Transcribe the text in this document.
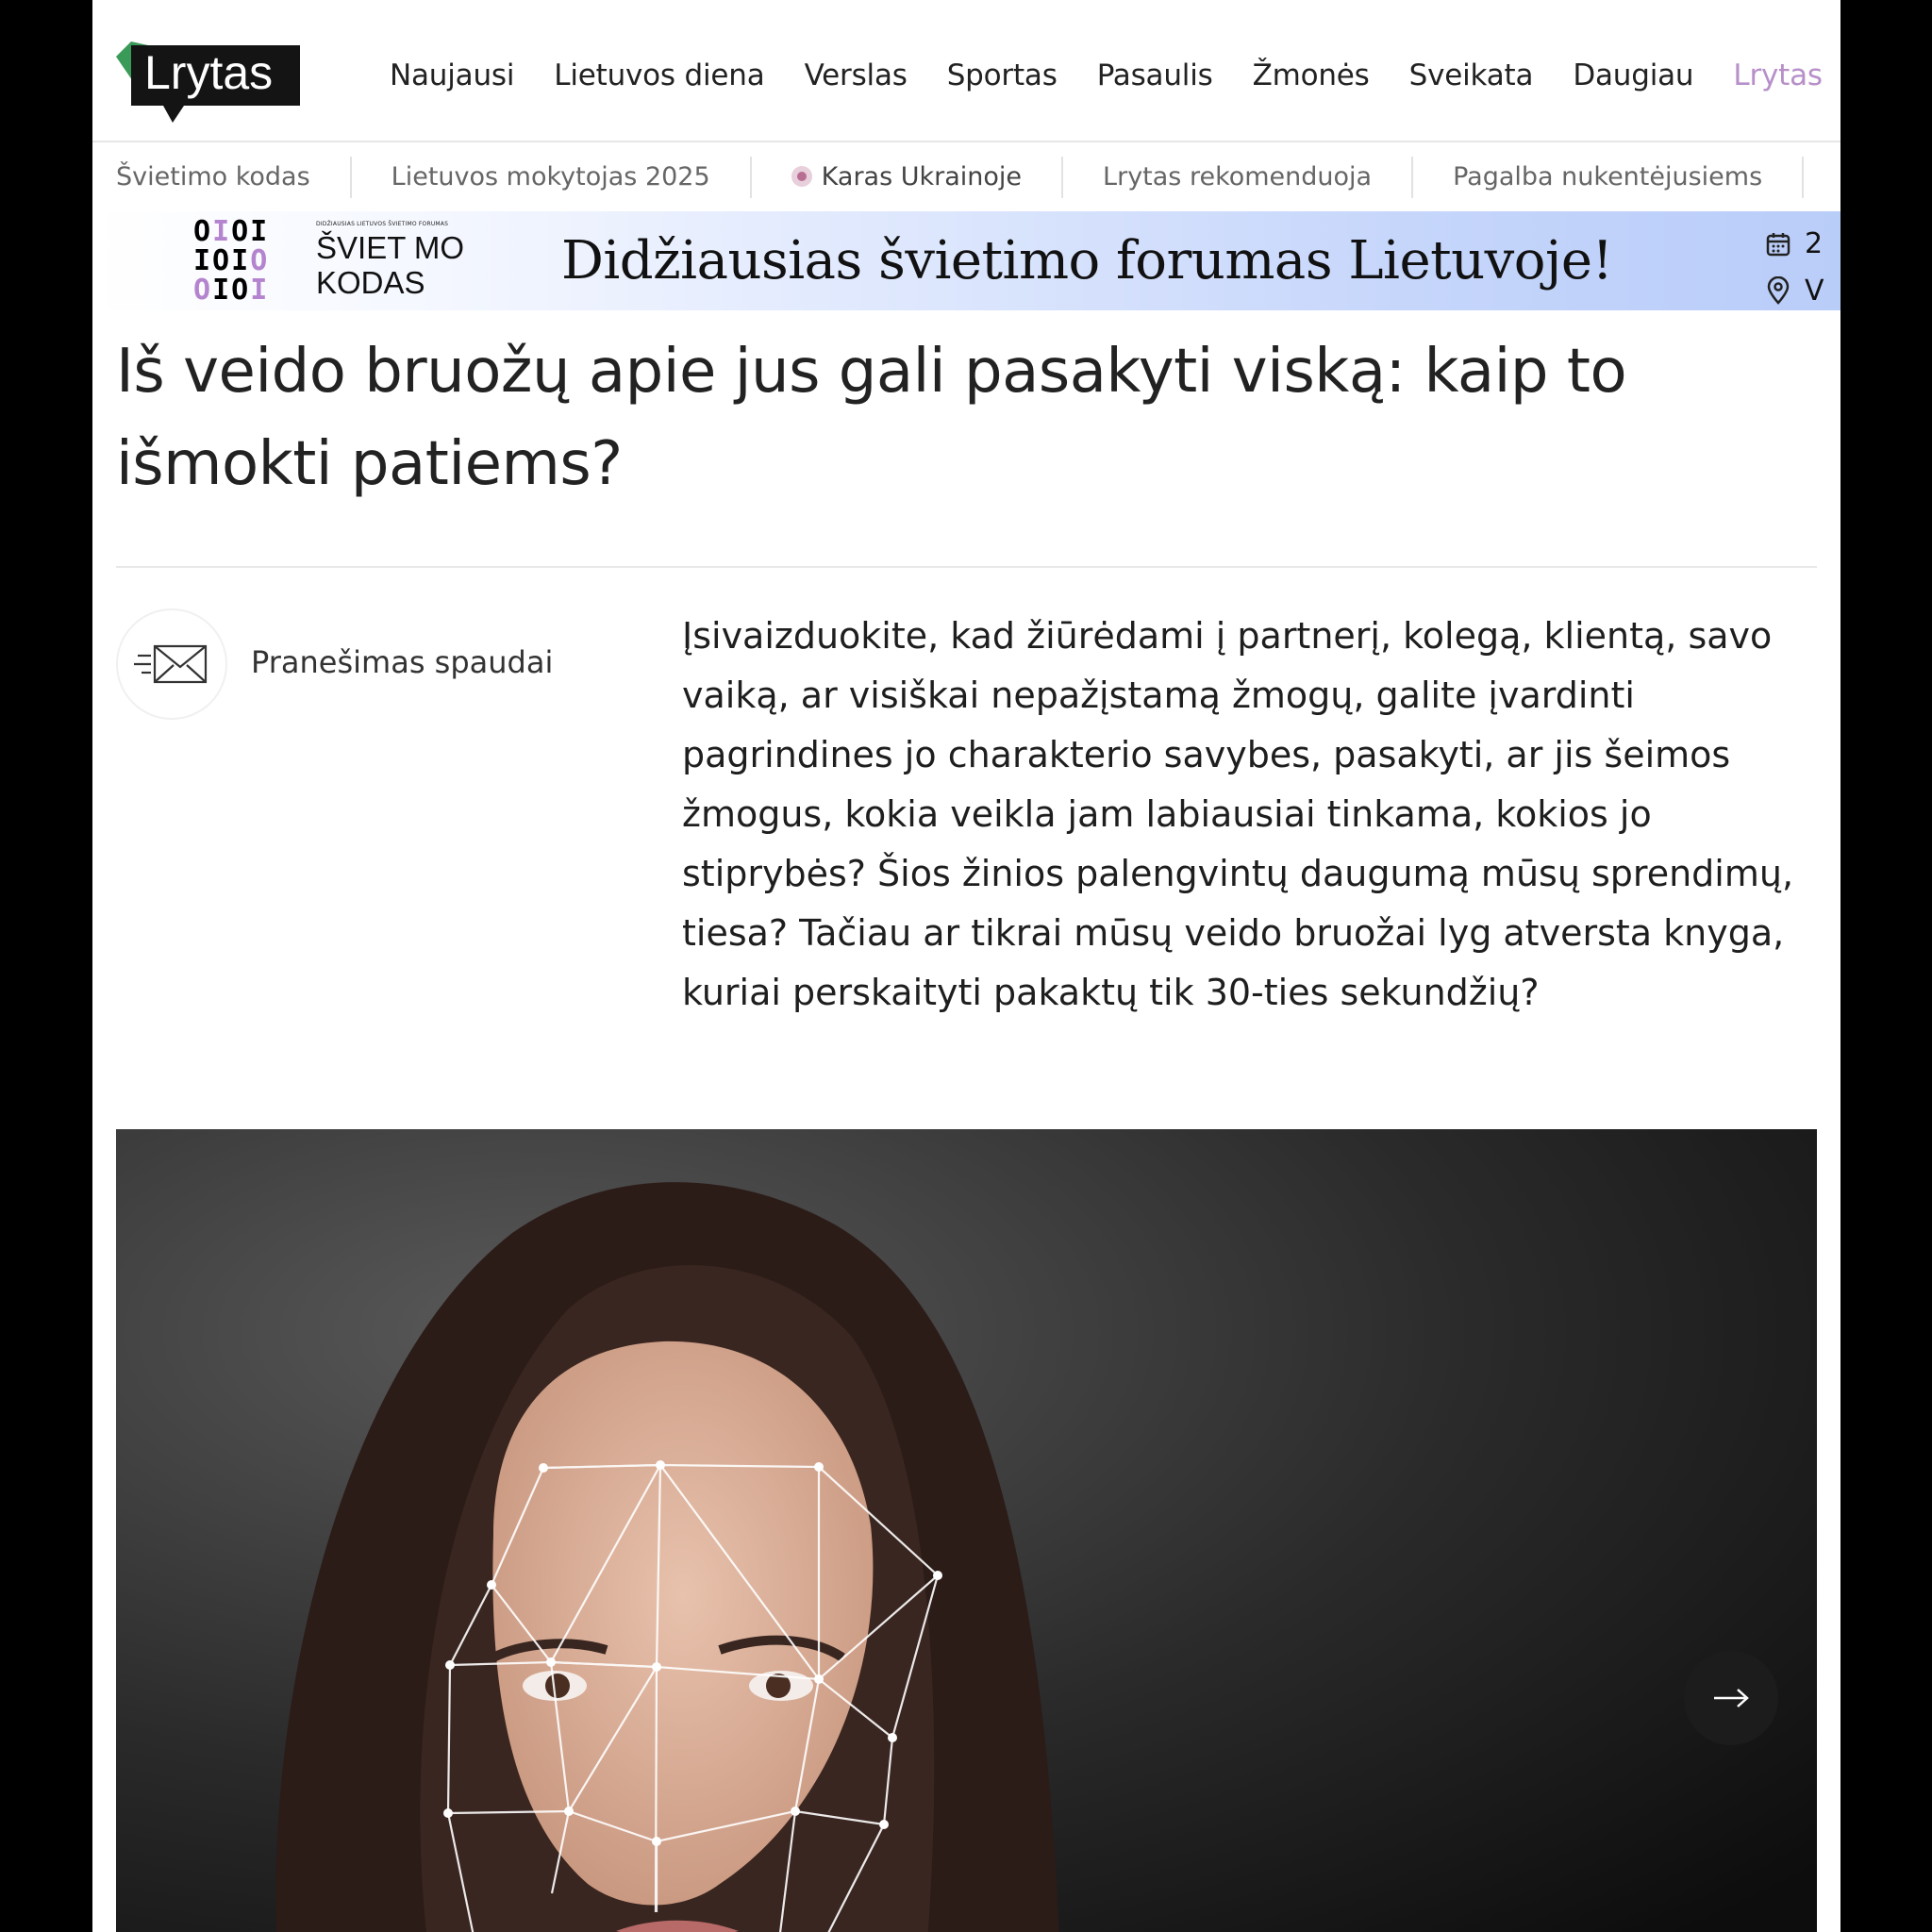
Lrytas	Naujausi Lietuvos diena Verslas Sportas Pasaulis Žmonės Sveikata Daugiau Lrytas
Švietimo kodas	Lietuvos mokytojas 2025	Karas Ukrainoje	Lrytas rekomenduoja	Pagalba nukentėjusiems
OIOI
IOIO
OIOI
DIDŽIAUSIAS LIETUVOS ŠVIETIMO FORUMAS
ŠVIET MO
KODAS	Didžiausias švietimo forumas Lietuvoje!	2
V
Iš veido bruožų apie jus gali pasakyti viską: kaip to išmokti patiems?
Pranešimas spaudai

Įsivaizduokite, kad žiūrėdami į partnerį, kolegą, klientą, savo vaiką, ar visiškai nepažįstamą žmogų, galite įvardinti pagrindines jo charakterio savybes, pasakyti, ar jis šeimos žmogus, kokia veikla jam labiausiai tinkama, kokios jo stiprybės? Šios žinios palengvintų daugumą mūsų sprendimų, tiesa? Tačiau ar tikrai mūsų veido bruožai lyg atversta knyga, kuriai perskaityti pakaktų tik 30-ties sekundžių?
